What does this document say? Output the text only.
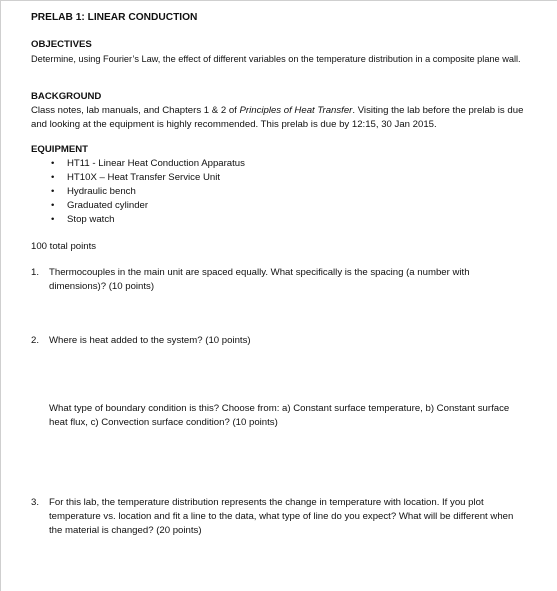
PRELAB 1: LINEAR CONDUCTION
OBJECTIVES
Determine, using Fourier’s Law, the effect of different variables on the temperature distribution in a composite plane wall.
BACKGROUND
Class notes, lab manuals, and Chapters 1 & 2 of Principles of Heat Transfer. Visiting the lab before the prelab is due and looking at the equipment is highly recommended. This prelab is due by 12:15, 30 Jan 2015.
EQUIPMENT
• HT11 - Linear Heat Conduction Apparatus
• HT10X – Heat Transfer Service Unit
• Hydraulic bench
• Graduated cylinder
• Stop watch
100 total points
1. Thermocouples in the main unit are spaced equally. What specifically is the spacing (a number with dimensions)? (10 points)
2. Where is heat added to the system? (10 points)
What type of boundary condition is this? Choose from: a) Constant surface temperature, b) Constant surface heat flux, c) Convection surface condition? (10 points)
3. For this lab, the temperature distribution represents the change in temperature with location. If you plot temperature vs. location and fit a line to the data, what type of line do you expect? What will be different when the material is changed? (20 points)
